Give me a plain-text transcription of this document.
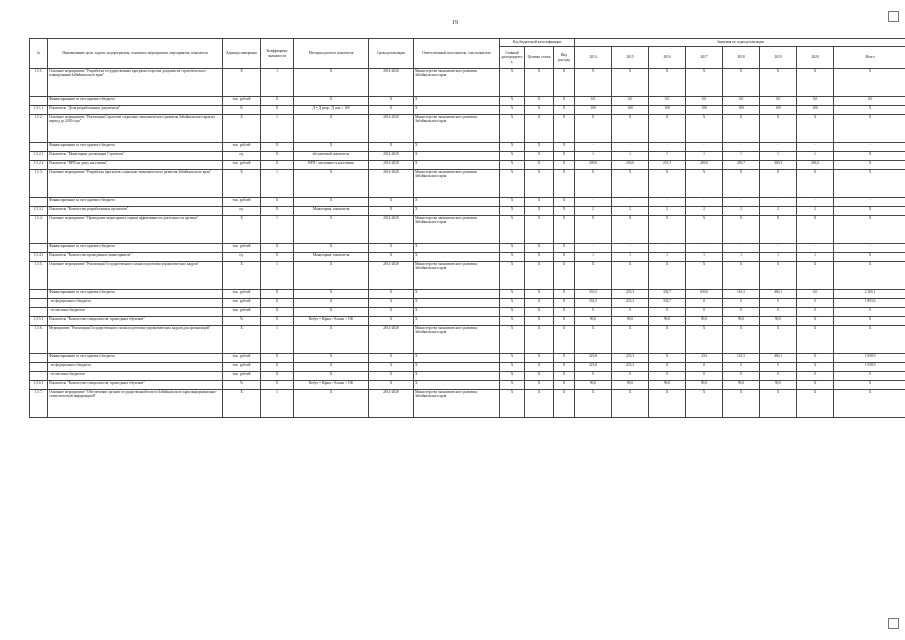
19
№	Наименование цели, задачи, подпрограммы, основного мероприятия, мероприятия, показателя	Единица измерения	Коэффициент значимости	Методика расчета показателя	Сроки реализации	Ответственный исполнитель, соисполнитель	Код бюджетной классификации			Значения по годам реализации							
							Главный распорядитель	Целевая статья	Вид расхода	2014	2015	2016	2017	2018	2019	2020	Итого
1.5.1.	Основное мероприятие "Разработка государственных программ и прочих документов стратегического планирования Забайкальского края"	Х	1	Х	2014-2020	Министерство экономического развития Забайкальского края	Х	Х	Х	Х	Х	Х	Х	Х	Х	Х	Х
	Финансирование за счет краевого бюджета	тыс. рублей	Х	Х	Х	Х	Х	Х	Х	0,0	0,0	0,0	0,0	0,0	0,0	0,0	0,0
1.5.1.1	Показатель "Доля разработанных документов"	%	Х	Д = Д разр / Д плн × 100	Х	Х	Х	Х	Х	100	100	100	100	100	100	100	Х
1.5.2.	Основное мероприятие "Реализация Стратегии социально-экономического развития Забайкальского края на период до 2030 года"	Х	1	Х	2014-2020	Министерство экономического развития Забайкальского края	Х	Х	Х	Х	Х	Х	Х	Х	Х	Х	Х
	Финансирование за счет краевого бюджета	тыс. рублей	Х	Х	Х	Х	Х	Х	Х	-	-	-	-	-	-	-	-
1.5.2.1	Показатель "Мониторинг реализации Стратегии"	ед.	Х	абсолютный показатель	2014-2020	Х	Х	Х	Х	1	1	1	1	1	1	1	Х
1.5.2.2	Показатель "ВРП на душу населения"	тыс. рублей	Х	ВРП / численность населения	2014-2020	Х	Х	Х	Х	209,0	230,0	251,3	269,0	283,7	300,3	284,8	Х
1.5.3.	Основное мероприятие "Разработка прогнозов социально-экономического развития Забайкальского края"	Х	1	Х	2014-2020	Министерство экономического развития Забайкальского края	Х	Х	Х	Х	Х	Х	Х	Х	Х	Х	Х
	Финансирование за счет краевого бюджета	тыс. рублей	Х	Х	Х	Х	Х	Х	Х	-	-	-	-	-	-	-	-
1.5.3.1	Показатель "Количество разработанных прогнозов"	ед.	Х	Мониторинг показателя	Х	Х	Х	Х	Х	2	2	2	2	2	2	2	Х
1.5.4.	Основное мероприятие "Проведение мониторинга оценки эффективности деятельности органов"	Х	1	Х	2014-2020	Министерство экономического развития Забайкальского края	Х	Х	Х	Х	Х	Х	Х	Х	Х	Х	Х
	Финансирование за счет краевого бюджета	тыс. рублей	Х	Х	Х	Х	Х	Х	Х	-	-	-	-	-	-	-	-
1.5.4.1	Показатель "Количество проведенных мониторингов"	ед.	Х	Мониторинг показателя	Х	Х	Х	Х	Х	1	1	1	1	1	1	1	Х
1.5.5.	Основное мероприятие "Реализация Государственного плана подготовки управленческих кадров"	Х	1	Х	2014-2020	Министерство экономического развития Забайкальского края	Х	Х	Х	Х	Х	Х	Х	Х	Х	Х	Х
	Финансирование за счет краевого бюджета	тыс. рублей	Х	Х	Х	Х	Х	Х	Х	333,5	225,3	334,7	650,0	161,5	460,1	0,0	2 165,1
	- из федерального бюджета	тыс. рублей	Х	Х	Х	Х	Х	Х	Х	333,5	225,3	334,7	0	0	0	0	1 893,6
	- из местных бюджетов	тыс. рублей	Х	Х	Х	Х	Х	Х	Х	0	0	0	0	0	0	0	0
1.5.5.1	Показатель "Количество специалистов, прошедших обучение"	%	Х	Кобуч = Кфакт / Кплан × 100	Х	Х	Х	Х	Х	90,0	90,0	90,0	90,0	90,0	90,0	Х	Х
1.5.6.	Мероприятие "Реализация Государственного плана подготовки управленческих кадров для организаций"	Х	1	Х	2014-2020	Министерство экономического развития Забайкальского края	Х	Х	Х	Х	Х	Х	Х	Х	Х	Х	Х
	Финансирование за счет краевого бюджета	тыс. рублей	Х	Х	Х	Х	Х	Х	Х	323,8	225,3	Х	234	141,5	460,1	Х	1 658,9
	- из федерального бюджета	тыс. рублей	Х	Х	Х	Х	Х	Х	Х	323,8	225,3	Х	0	0	0	Х	1 658,9
	- из местных бюджетов	тыс. рублей	Х	Х	Х	Х	Х	Х	Х	0	0	0	0	0	0	0	0
1.5.6.1	Показатель "Количество специалистов, прошедших обучение"	%	Х	Кобуч = Кфакт / Кплан × 100	Х	Х	Х	Х	Х	90,0	90,0	90,0	90,0	90,0	90,0	Х	Х
1.5.7.	Основное мероприятие "Обеспечение органов государственной власти Забайкальского края информационно-статистической информацией"	Х	1	Х	2014-2020	Министерство экономического развития Забайкальского края	Х	Х	Х	Х	Х	Х	Х	Х	Х	Х	Х
